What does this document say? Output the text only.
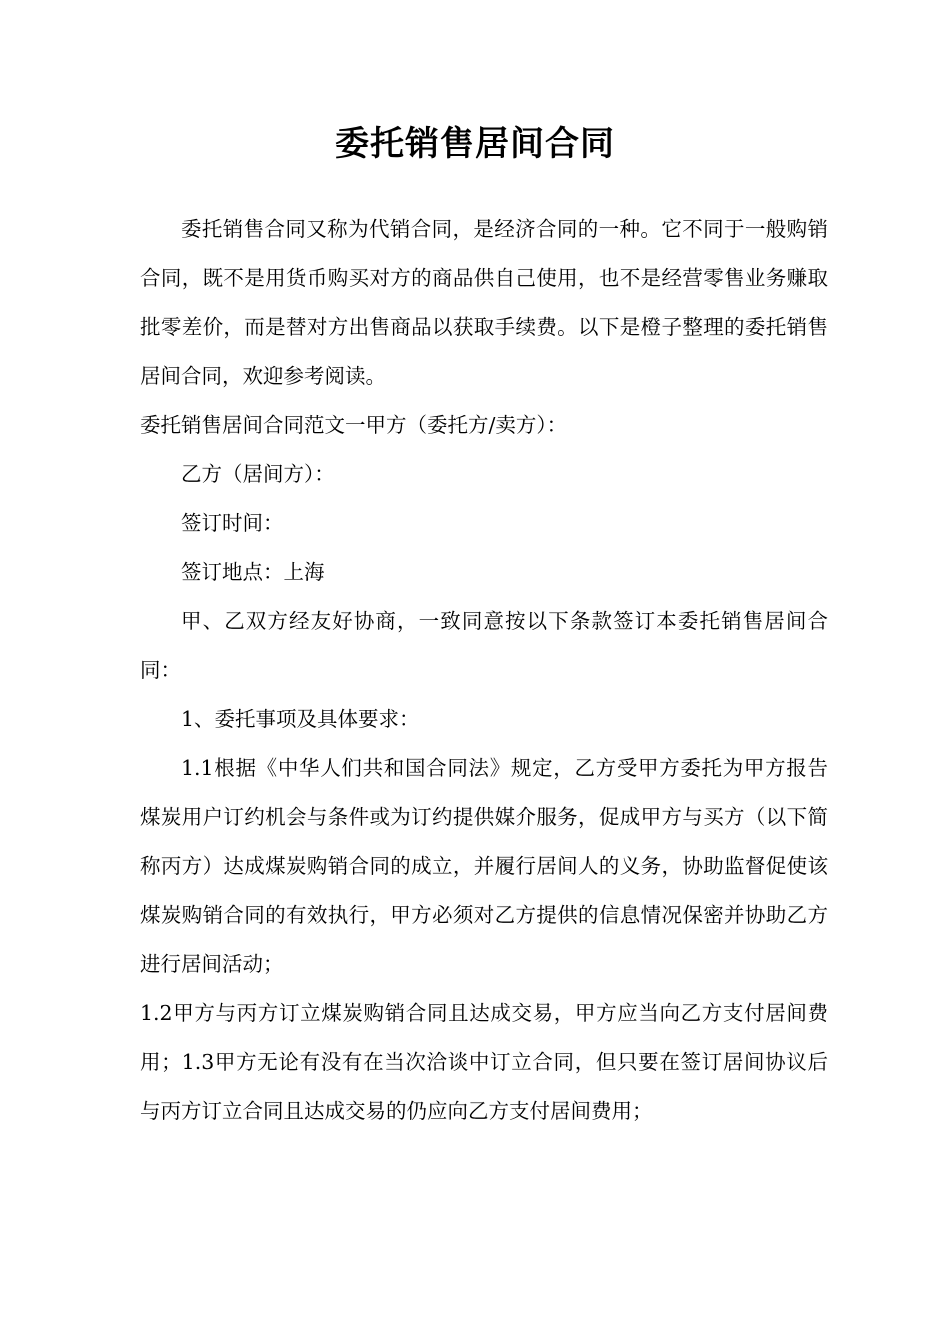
委托销售居间合同

委托销售合同又称为代销合同，是经济合同的一种。它不同于一般购销合同，既不是用货币购买对方的商品供自己使用，也不是经营零售业务赚取批零差价，而是替对方出售商品以获取手续费。以下是橙子整理的委托销售居间合同，欢迎参考阅读。

委托销售居间合同范文一甲方（委托方/卖方）：

乙方（居间方）：

签订时间：

签订地点：上海

甲、乙双方经友好协商，一致同意按以下条款签订本委托销售居间合同：

1、委托事项及具体要求：

1.1根据《中华人们共和国合同法》规定，乙方受甲方委托为甲方报告煤炭用户订约机会与条件或为订约提供媒介服务，促成甲方与买方（以下简称丙方）达成煤炭购销合同的成立，并履行居间人的义务，协助监督促使该煤炭购销合同的有效执行，甲方必须对乙方提供的信息情况保密并协助乙方进行居间活动；

1.2甲方与丙方订立煤炭购销合同且达成交易，甲方应当向乙方支付居间费用；1.3甲方无论有没有在当次洽谈中订立合同，但只要在签订居间协议后与丙方订立合同且达成交易的仍应向乙方支付居间费用；
